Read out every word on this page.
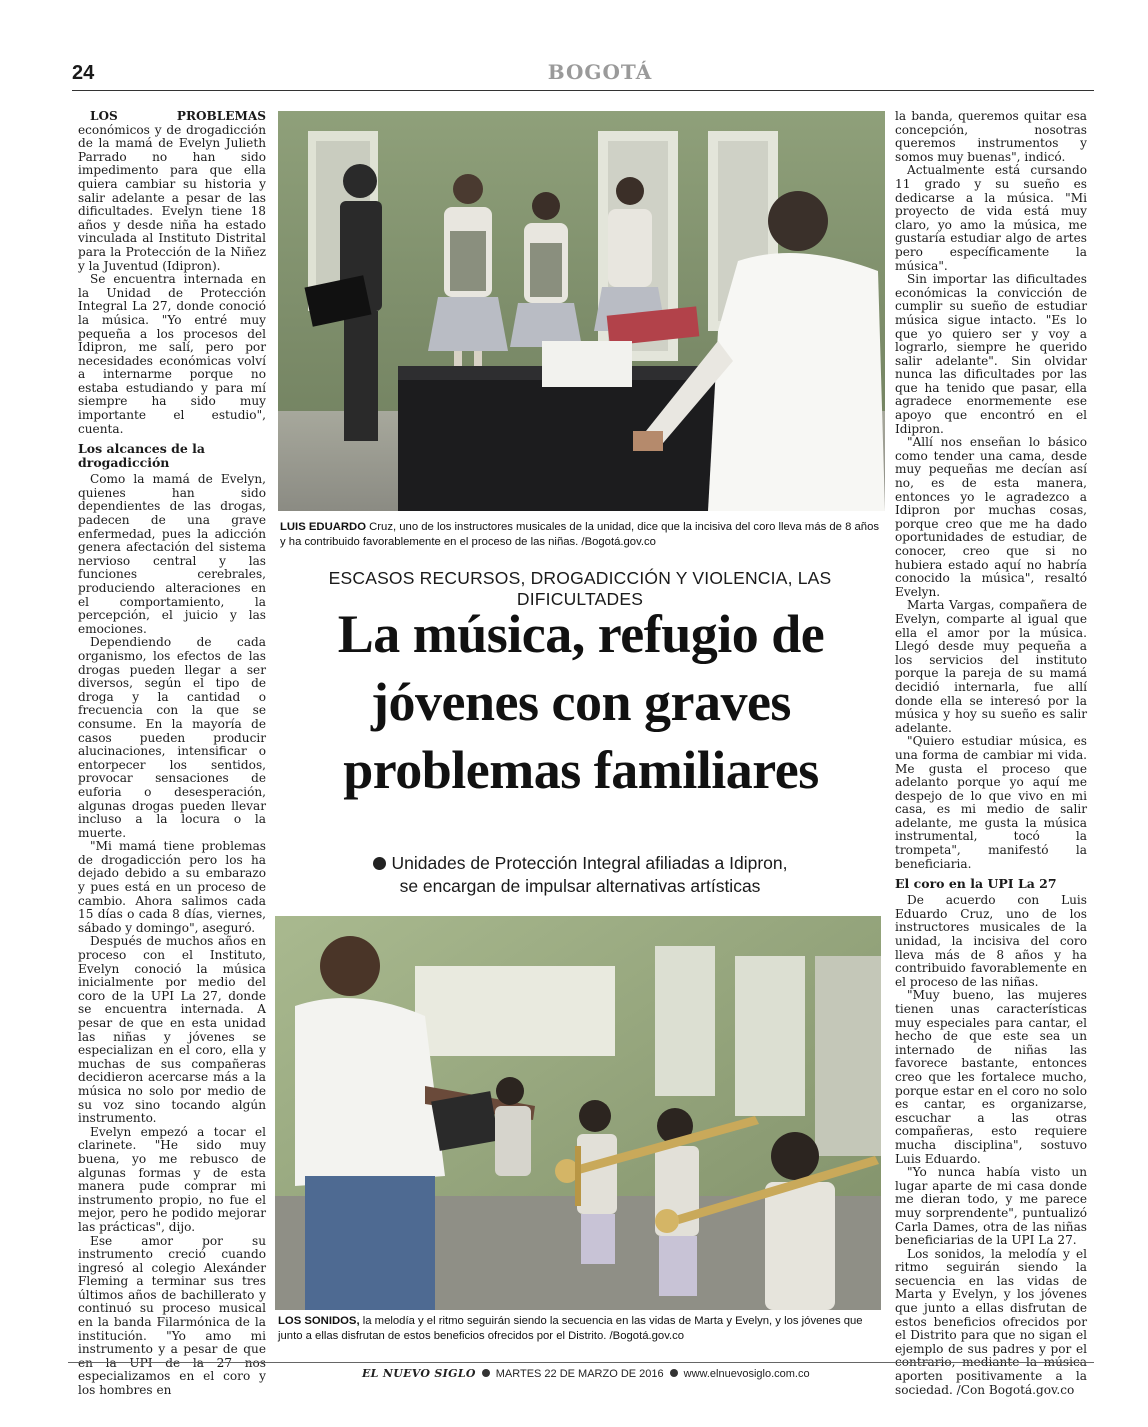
24	BOGOTÁ

LOS PROBLEMAS económicos y de drogadicción de la mamá de Evelyn Julieth Parrado no han sido impedimento para que ella quiera cambiar su historia y salir adelante a pesar de las dificultades. Evelyn tiene 18 años y desde niña ha estado vinculada al Instituto Distrital para la Protección de la Niñez y la Juventud (Idipron).

Se encuentra internada en la Unidad de Protección Integral La 27, donde conoció la música. "Yo entré muy pequeña a los procesos del Idipron, me salí, pero por necesidades económicas volví a internarme porque no estaba estudiando y para mí siempre ha sido muy importante el estudio", cuenta.

Los alcances de la drogadicción

Como la mamá de Evelyn, quienes han sido dependientes de las drogas, padecen de una grave enfermedad, pues la adicción genera afectación del sistema nervioso central y las funciones cerebrales, produciendo alteraciones en el comportamiento, la percepción, el juicio y las emociones.

Dependiendo de cada organismo, los efectos de las drogas pueden llegar a ser diversos, según el tipo de droga y la cantidad o frecuencia con la que se consume. En la mayoría de casos pueden producir alucinaciones, intensificar o entorpecer los sentidos, provocar sensaciones de euforia o desesperación, algunas drogas pueden llevar incluso a la locura o la muerte.

"Mi mamá tiene problemas de drogadicción pero los ha dejado debido a su embarazo y pues está en un proceso de cambio. Ahora salimos cada 15 días o cada 8 días, viernes, sábado y domingo", aseguró.

Después de muchos años en proceso con el Instituto, Evelyn conoció la música inicialmente por medio del coro de la UPI La 27, donde se encuentra internada. A pesar de que en esta unidad las niñas y jóvenes se especializan en el coro, ella y muchas de sus compañeras decidieron acercarse más a la música no solo por medio de su voz sino tocando algún instrumento.

Evelyn empezó a tocar el clarinete. "He sido muy buena, yo me rebusco de algunas formas y de esta manera pude comprar mi instrumento propio, no fue el mejor, pero he podido mejorar las prácticas", dijo.

Ese amor por su instrumento creció cuando ingresó al colegio Alexánder Fleming a terminar sus tres últimos años de bachillerato y continuó su proceso musical en la banda Filarmónica de la institución. "Yo amo mi instrumento y a pesar de que en la UPI de la 27 nos especializamos en el coro y los hombres en

LUIS EDUARDO Cruz, uno de los instructores musicales de la unidad, dice que la incisiva del coro lleva más de 8 años y ha contribuido favorablemente en el proceso de las niñas. /Bogotá.gov.co
ESCASOS RECURSOS, DROGADICCIÓN Y VIOLENCIA, LAS DIFICULTADES
La música, refugio de
jóvenes con graves
problemas familiares
Unidades de Protección Integral afiliadas a Idipron,
se encargan de impulsar alternativas artísticas
LOS SONIDOS, la melodía y el ritmo seguirán siendo la secuencia en las vidas de Marta y Evelyn, y los jóvenes que junto a ellas disfrutan de estos beneficios ofrecidos por el Distrito. /Bogotá.gov.co

la banda, queremos quitar esa concepción, nosotras queremos instrumentos y somos muy buenas", indicó.

Actualmente está cursando 11 grado y su sueño es dedicarse a la música. "Mi proyecto de vida está muy claro, yo amo la música, me gustaría estudiar algo de artes pero específicamente la música".

Sin importar las dificultades económicas la convicción de cumplir su sueño de estudiar música sigue intacto. "Es lo que yo quiero ser y voy a lograrlo, siempre he querido salir adelante". Sin olvidar nunca las dificultades por las que ha tenido que pasar, ella agradece enormemente ese apoyo que encontró en el Idipron.

"Allí nos enseñan lo básico como tender una cama, desde muy pequeñas me decían así no, es de esta manera, entonces yo le agradezco a Idipron por muchas cosas, porque creo que me ha dado oportunidades de estudiar, de conocer, creo que si no hubiera estado aquí no habría conocido la música", resaltó Evelyn.

Marta Vargas, compañera de Evelyn, comparte al igual que ella el amor por la música. Llegó desde muy pequeña a los servicios del instituto porque la pareja de su mamá decidió internarla, fue allí donde ella se interesó por la música y hoy su sueño es salir adelante.

"Quiero estudiar música, es una forma de cambiar mi vida. Me gusta el proceso que adelanto porque yo aquí me despejo de lo que vivo en mi casa, es mi medio de salir adelante, me gusta la música instrumental, tocó la trompeta", manifestó la beneficiaria.

El coro en la UPI La 27

De acuerdo con Luis Eduardo Cruz, uno de los instructores musicales de la unidad, la incisiva del coro lleva más de 8 años y ha contribuido favorablemente en el proceso de las niñas.

"Muy bueno, las mujeres tienen unas características muy especiales para cantar, el hecho de que este sea un internado de niñas las favorece bastante, entonces creo que les fortalece mucho, porque estar en el coro no solo es cantar, es organizarse, escuchar a las otras compañeras, esto requiere mucha disciplina", sostuvo Luis Eduardo.

"Yo nunca había visto un lugar aparte de mi casa donde me dieran todo, y me parece muy sorprendente", puntualizó Carla Dames, otra de las niñas beneficiarias de la UPI La 27.

Los sonidos, la melodía y el ritmo seguirán siendo la secuencia en las vidas de Marta y Evelyn, y los jóvenes que junto a ellas disfrutan de estos beneficios ofrecidos por el Distrito para que no sigan el ejemplo de sus padres y por el contrario, mediante la música aporten positivamente a la sociedad. /Con Bogotá.gov.co

EL NUEVO SIGLO MARTES 22 DE MARZO DE 2016 www.elnuevosiglo.com.co
